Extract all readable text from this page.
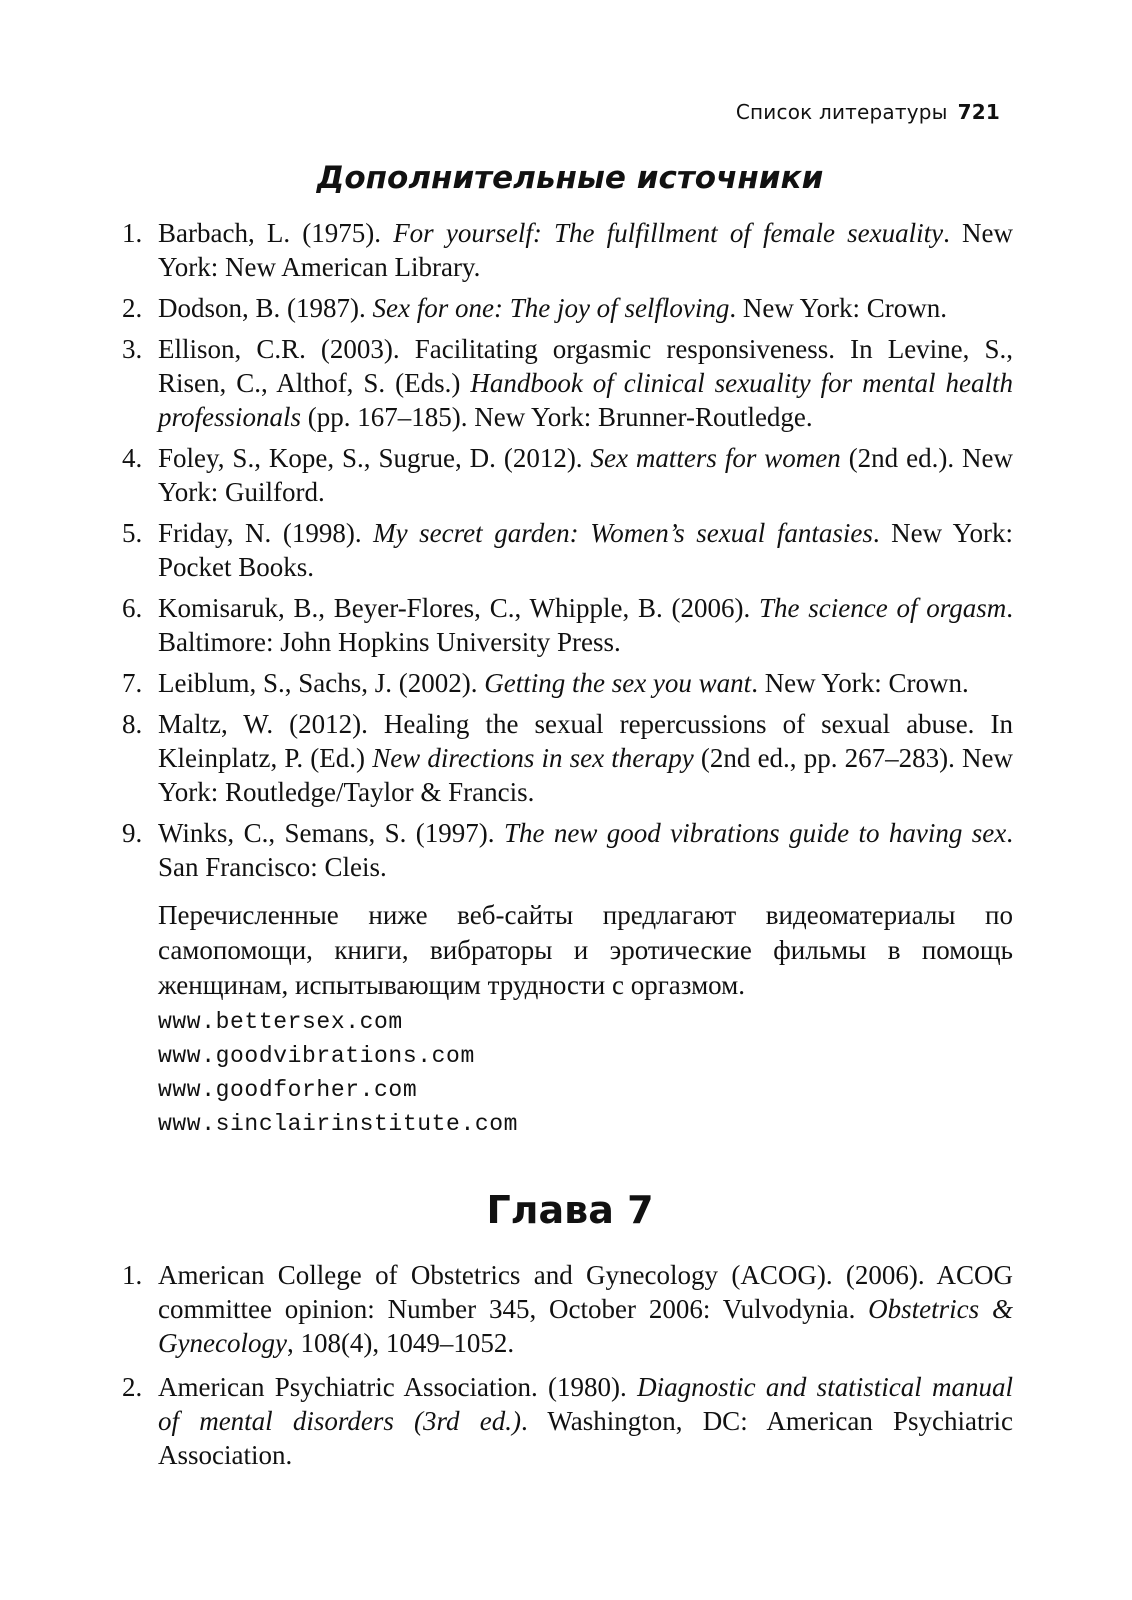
Список литературы 721
Дополнительные источники
1. Barbach, L. (1975). For yourself: The fulfillment of female sexuality. New York: New American Library.
2. Dodson, B. (1987). Sex for one: The joy of selfloving. New York: Crown.
3. Ellison, C.R. (2003). Facilitating orgasmic responsiveness. In Levine, S., Risen, C., Althof, S. (Eds.) Handbook of clinical sexuality for mental health professionals (pp. 167–185). New York: Brunner-Routledge.
4. Foley, S., Kope, S., Sugrue, D. (2012). Sex matters for women (2nd ed.). New York: Guilford.
5. Friday, N. (1998). My secret garden: Women’s sexual fantasies. New York: Pocket Books.
6. Komisaruk, B., Beyer-Flores, C., Whipple, B. (2006). The science of orgasm. Baltimore: John Hopkins University Press.
7. Leiblum, S., Sachs, J. (2002). Getting the sex you want. New York: Crown.
8. Maltz, W. (2012). Healing the sexual repercussions of sexual abuse. In Kleinplatz, P. (Ed.) New directions in sex therapy (2nd ed., pp. 267–283). New York: Routledge/Taylor & Francis.
9. Winks, C., Semans, S. (1997). The new good vibrations guide to having sex. San Francisco: Cleis.
Перечисленные ниже веб-сайты предлагают видеоматериалы по самопомощи, книги, вибраторы и эротические фильмы в помощь женщинам, испытывающим трудности с оргазмом.
www.bettersex.com
www.goodvibrations.com
www.goodforher.com
www.sinclairinstitute.com
Глава 7
1. American College of Obstetrics and Gynecology (ACOG). (2006). ACOG committee opinion: Number 345, October 2006: Vulvodynia. Obstetrics & Gynecology, 108(4), 1049–1052.
2. American Psychiatric Association. (1980). Diagnostic and statistical manual of mental disorders (3rd ed.). Washington, DC: American Psychiatric Association.
